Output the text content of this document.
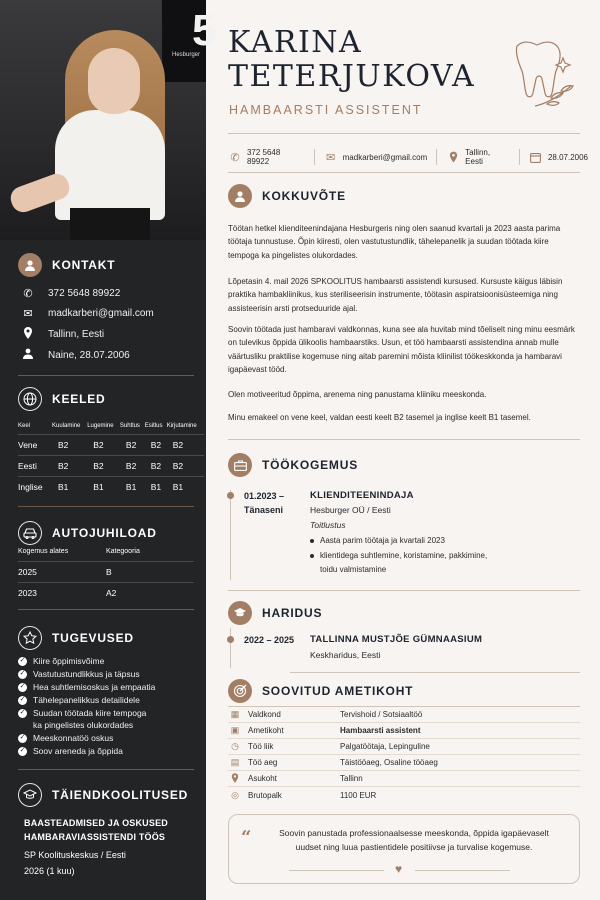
5
Hesburger
KONTAKT
✆ 372 5648 89922
✉ madkarberi@gmail.com
Tallinn, Eesti
Naine, 28.07.2006
KEELED
Keel	Kuulamine	Lugemine	Suhtlus	Esitlus	Kirjutamine
Vene	B2	B2	B2	B2	B2
Eesti	B2	B2	B2	B2	B2
Inglise	B1	B1	B1	B1	B1
AUTOJUHILOAD
Kogemus alates	Kategooria
2025	B
2023	A2
TUGEVUSED
✓ Kiire õppimisvõime
✓ Vastutustundlikkus ja täpsus
✓ Hea suhtlemisoskus ja empaatia
✓ Tähelepanelikkus detailidele
✓ Suudan töötada kiire tempoga
ka pingelistes olukordades
✓ Meeskonnatöö oskus
✓ Soov areneda ja õppida
TÄIENDKOOLITUSED
BAASTEADMISED JA OSKUSED
HAMBARAVIASSISTENDI TÖÖS
SP Koolituskeskus / Eesti
2026 (1 kuu)
KARINA
TETERJUKOVA
HAMBAARSTI ASSISTENT
✆ 372 5648 89922	✉ madkarberi@gmail.com	Tallinn, Eesti	28.07.2006
KOKKUVÕTE
Töötan hetkel klienditeenindajana Hesburgeris ning olen saanud kvartali ja 2023 aasta parima töötaja tunnustuse. Õpin kiiresti, olen vastutustundlik, tähelepanelik ja suudan töötada kiire tempoga ka pingelistes olukordades.
Lõpetasin 4. mail 2026 SPKOOLITUS hambaarsti assistendi kursused. Kursuste käigus läbisin praktika hambakliinikus, kus steriliseerisin instrumente, töötasin aspiratsioonisüsteemiga ning assisteerisin arsti protseduuride ajal.
Soovin töötada just hambaravi valdkonnas, kuna see ala huvitab mind tõeliselt ning minu eesmärk on tulevikus õppida ülikoolis hambaarstiks. Usun, et töö hambaarsti assistendina annab mulle väärtusliku praktilise kogemuse ning aitab paremini mõista kliinilist töökeskkonda ja hambaravi igapäevast tööd.
Olen motiveeritud õppima, arenema ning panustama kliiniku meeskonda.
Minu emakeel on vene keel, valdan eesti keelt B2 tasemel ja inglise keelt B1 tasemel.
TÖÖKOGEMUS
01.2023 –
Tänaseni
KLIENDITEENINDAJA
Hesburger OÜ / Eesti
Toitlustus
Aasta parim töötaja ja kvartali 2023
klientidega suhtlemine, koristamine, pakkimine,
toidu valmistamine
HARIDUS
2022 – 2025 TALLINNA MUSTJÕE GÜMNAASIUM
Keskharidus, Eesti
SOOVITUD AMETIKOHT
▦	Valdkond	Tervishoid / Sotsiaaltöö
▣	Ametikoht	Hambaarsti assistent
◷	Töö liik	Palgatöötaja, Lepinguline
▤	Töö aeg	Täistööaeg, Osaline tööaeg
Asukoht	Tallinn
◎	Brutopalk	1100 EUR
“	Soovin panustada professionaalsesse meeskonda, õppida igapäevaselt
uudset ning luua pastientidele positiivse ja turvalise kogemuse.
♥
